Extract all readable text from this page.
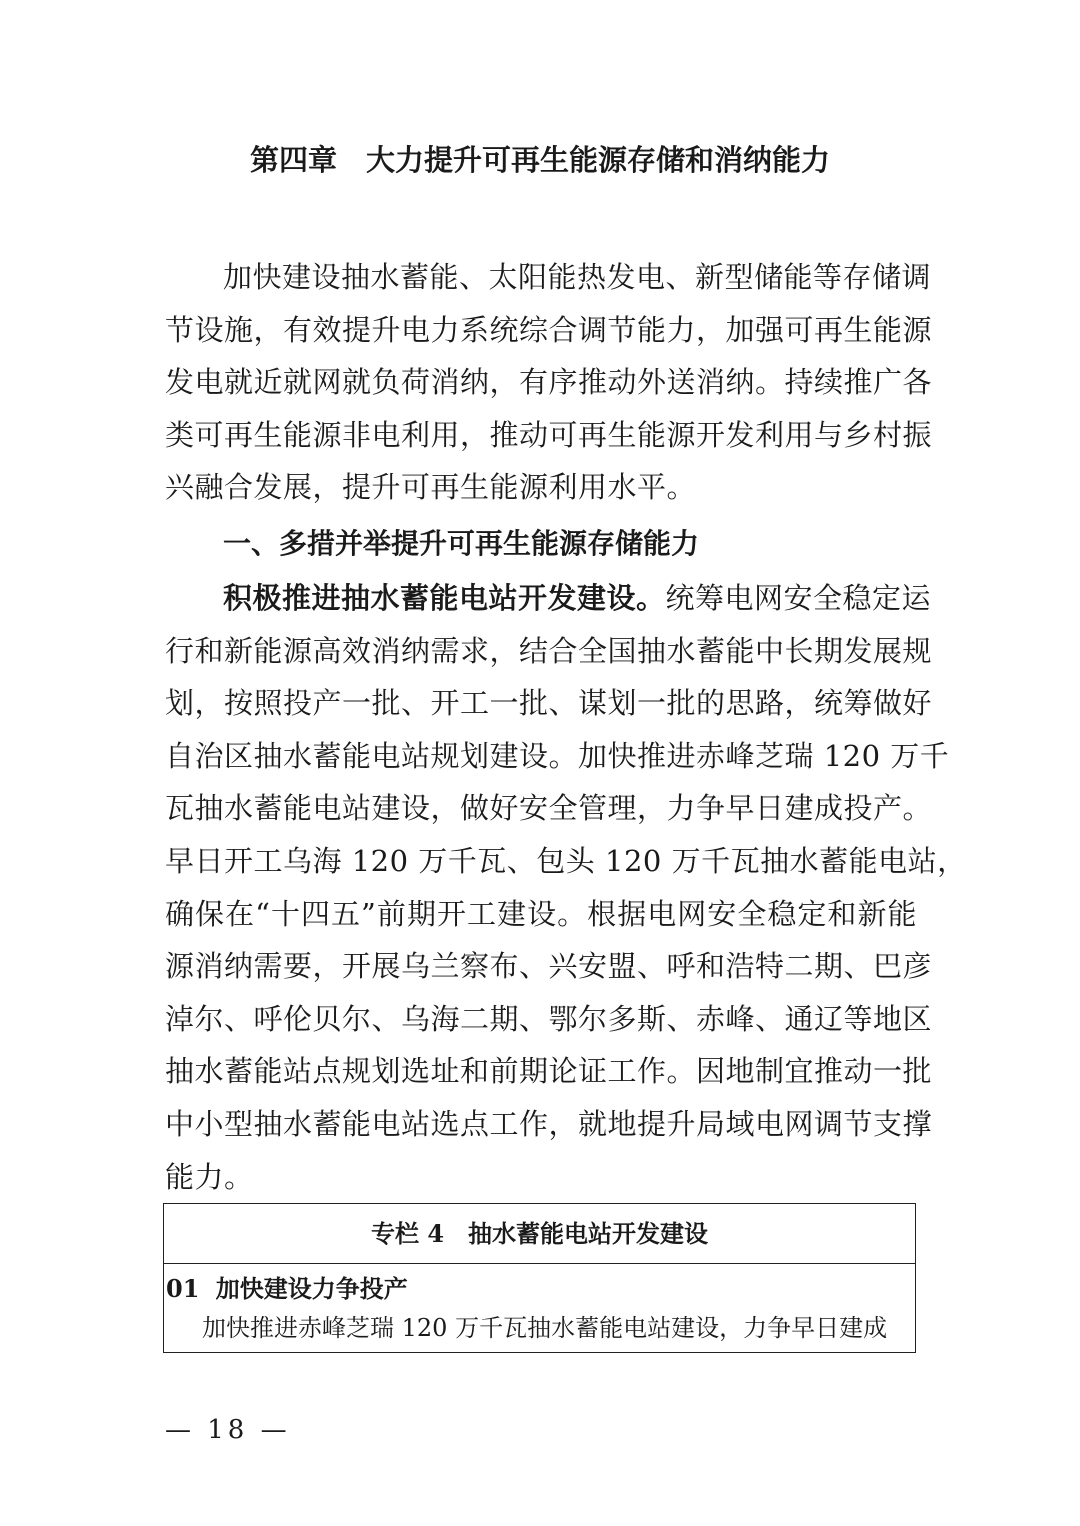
第四章　大力提升可再生能源存储和消纳能力
加快建设抽水蓄能、太阳能热发电、新型储能等存储调
节设施，有效提升电力系统综合调节能力，加强可再生能源
发电就近就网就负荷消纳，有序推动外送消纳。持续推广各
类可再生能源非电利用，推动可再生能源开发利用与乡村振
兴融合发展，提升可再生能源利用水平。
一、多措并举提升可再生能源存储能力
积极推进抽水蓄能电站开发建设。统筹电网安全稳定运
行和新能源高效消纳需求，结合全国抽水蓄能中长期发展规
划，按照投产一批、开工一批、谋划一批的思路，统筹做好
自治区抽水蓄能电站规划建设。加快推进赤峰芝瑞 120 万千
瓦抽水蓄能电站建设，做好安全管理，力争早日建成投产。
早日开工乌海 120 万千瓦、包头 120 万千瓦抽水蓄能电站，
确保在“十四五”前期开工建设。根据电网安全稳定和新能
源消纳需要，开展乌兰察布、兴安盟、呼和浩特二期、巴彦
淖尔、呼伦贝尔、乌海二期、鄂尔多斯、赤峰、通辽等地区
抽水蓄能站点规划选址和前期论证工作。因地制宜推动一批
中小型抽水蓄能电站选点工作，就地提升局域电网调节支撑
能力。
专栏 4　抽水蓄能电站开发建设
01 加快建设力争投产
加快推进赤峰芝瑞 120 万千瓦抽水蓄能电站建设，力争早日建成
— 18 —
